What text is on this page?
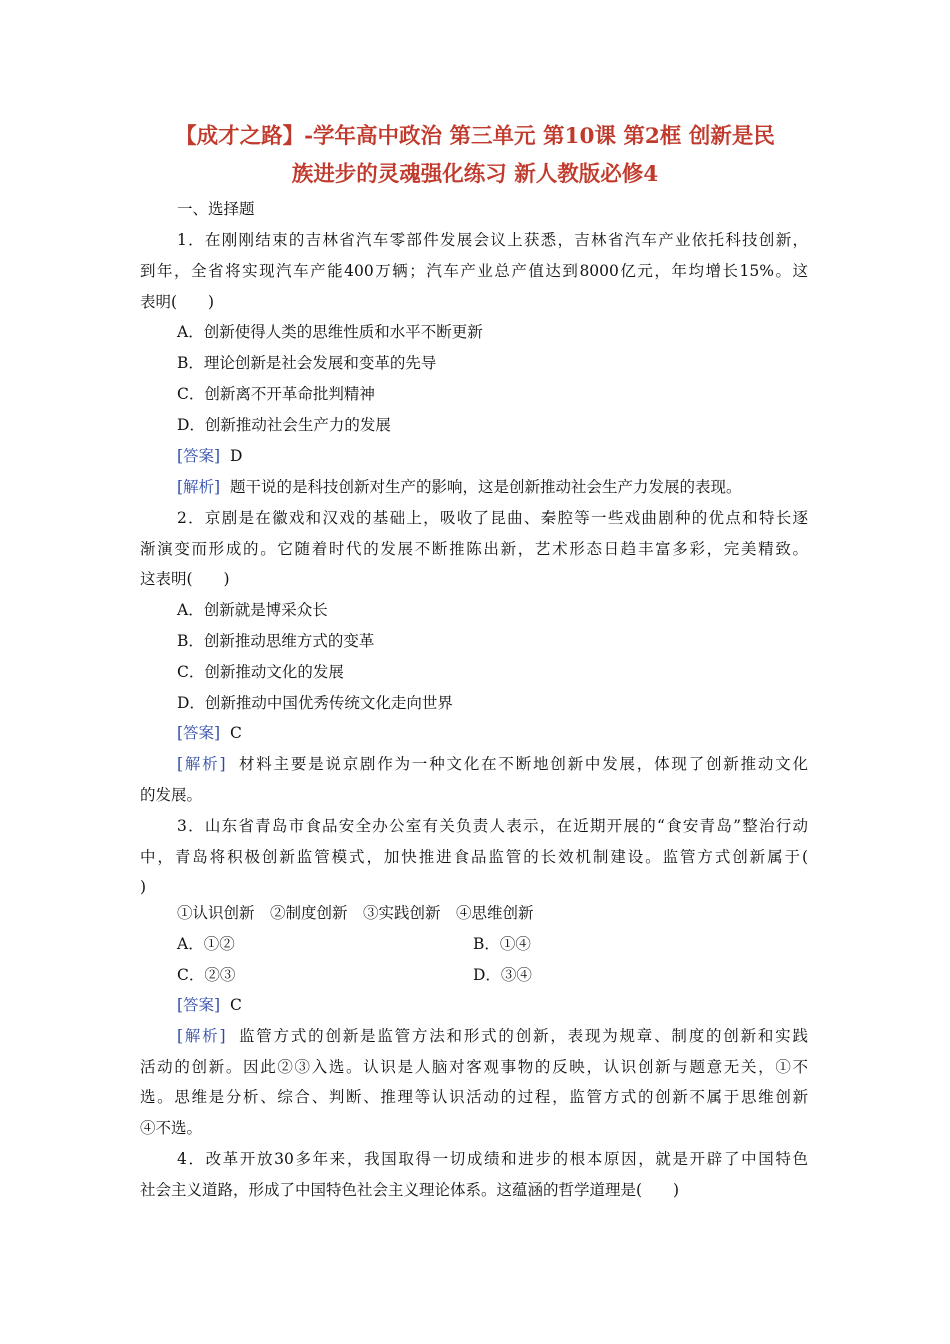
【成才之路】-学年高中政治 第三单元 第10课 第2框 创新是民
族进步的灵魂强化练习 新人教版必修4
一、选择题
1．在刚刚结束的吉林省汽车零部件发展会议上获悉，吉林省汽车产业依托科技创新，
到年，全省将实现汽车产能400万辆；汽车产业总产值达到8000亿元，年均增长15%。这
表明(　　)
A．创新使得人类的思维性质和水平不断更新
B．理论创新是社会发展和变革的先导
C．创新离不开革命批判精神
D．创新推动社会生产力的发展
[答案] D
[解析] 题干说的是科技创新对生产的影响，这是创新推动社会生产力发展的表现。
2．京剧是在徽戏和汉戏的基础上，吸收了昆曲、秦腔等一些戏曲剧种的优点和特长逐
渐演变而形成的。它随着时代的发展不断推陈出新，艺术形态日趋丰富多彩，完美精致。
这表明(　　)
A．创新就是博采众长
B．创新推动思维方式的变革
C．创新推动文化的发展
D．创新推动中国优秀传统文化走向世界
[答案] C
[解析] 材料主要是说京剧作为一种文化在不断地创新中发展，体现了创新推动文化
的发展。
3．山东省青岛市食品安全办公室有关负责人表示，在近期开展的“食安青岛”整治行动
中，青岛将积极创新监管模式，加快推进食品监管的长效机制建设。监管方式创新属于(
)
①认识创新　②制度创新　③实践创新　④思维创新
A．①②	B．①④
C．②③	D．③④
[答案] C
[解析] 监管方式的创新是监管方法和形式的创新，表现为规章、制度的创新和实践
活动的创新。因此②③入选。认识是人脑对客观事物的反映，认识创新与题意无关，①不
选。思维是分析、综合、判断、推理等认识活动的过程，监管方式的创新不属于思维创新
④不选。
4．改革开放30多年来，我国取得一切成绩和进步的根本原因，就是开辟了中国特色
社会主义道路，形成了中国特色社会主义理论体系。这蕴涵的哲学道理是(　　)
